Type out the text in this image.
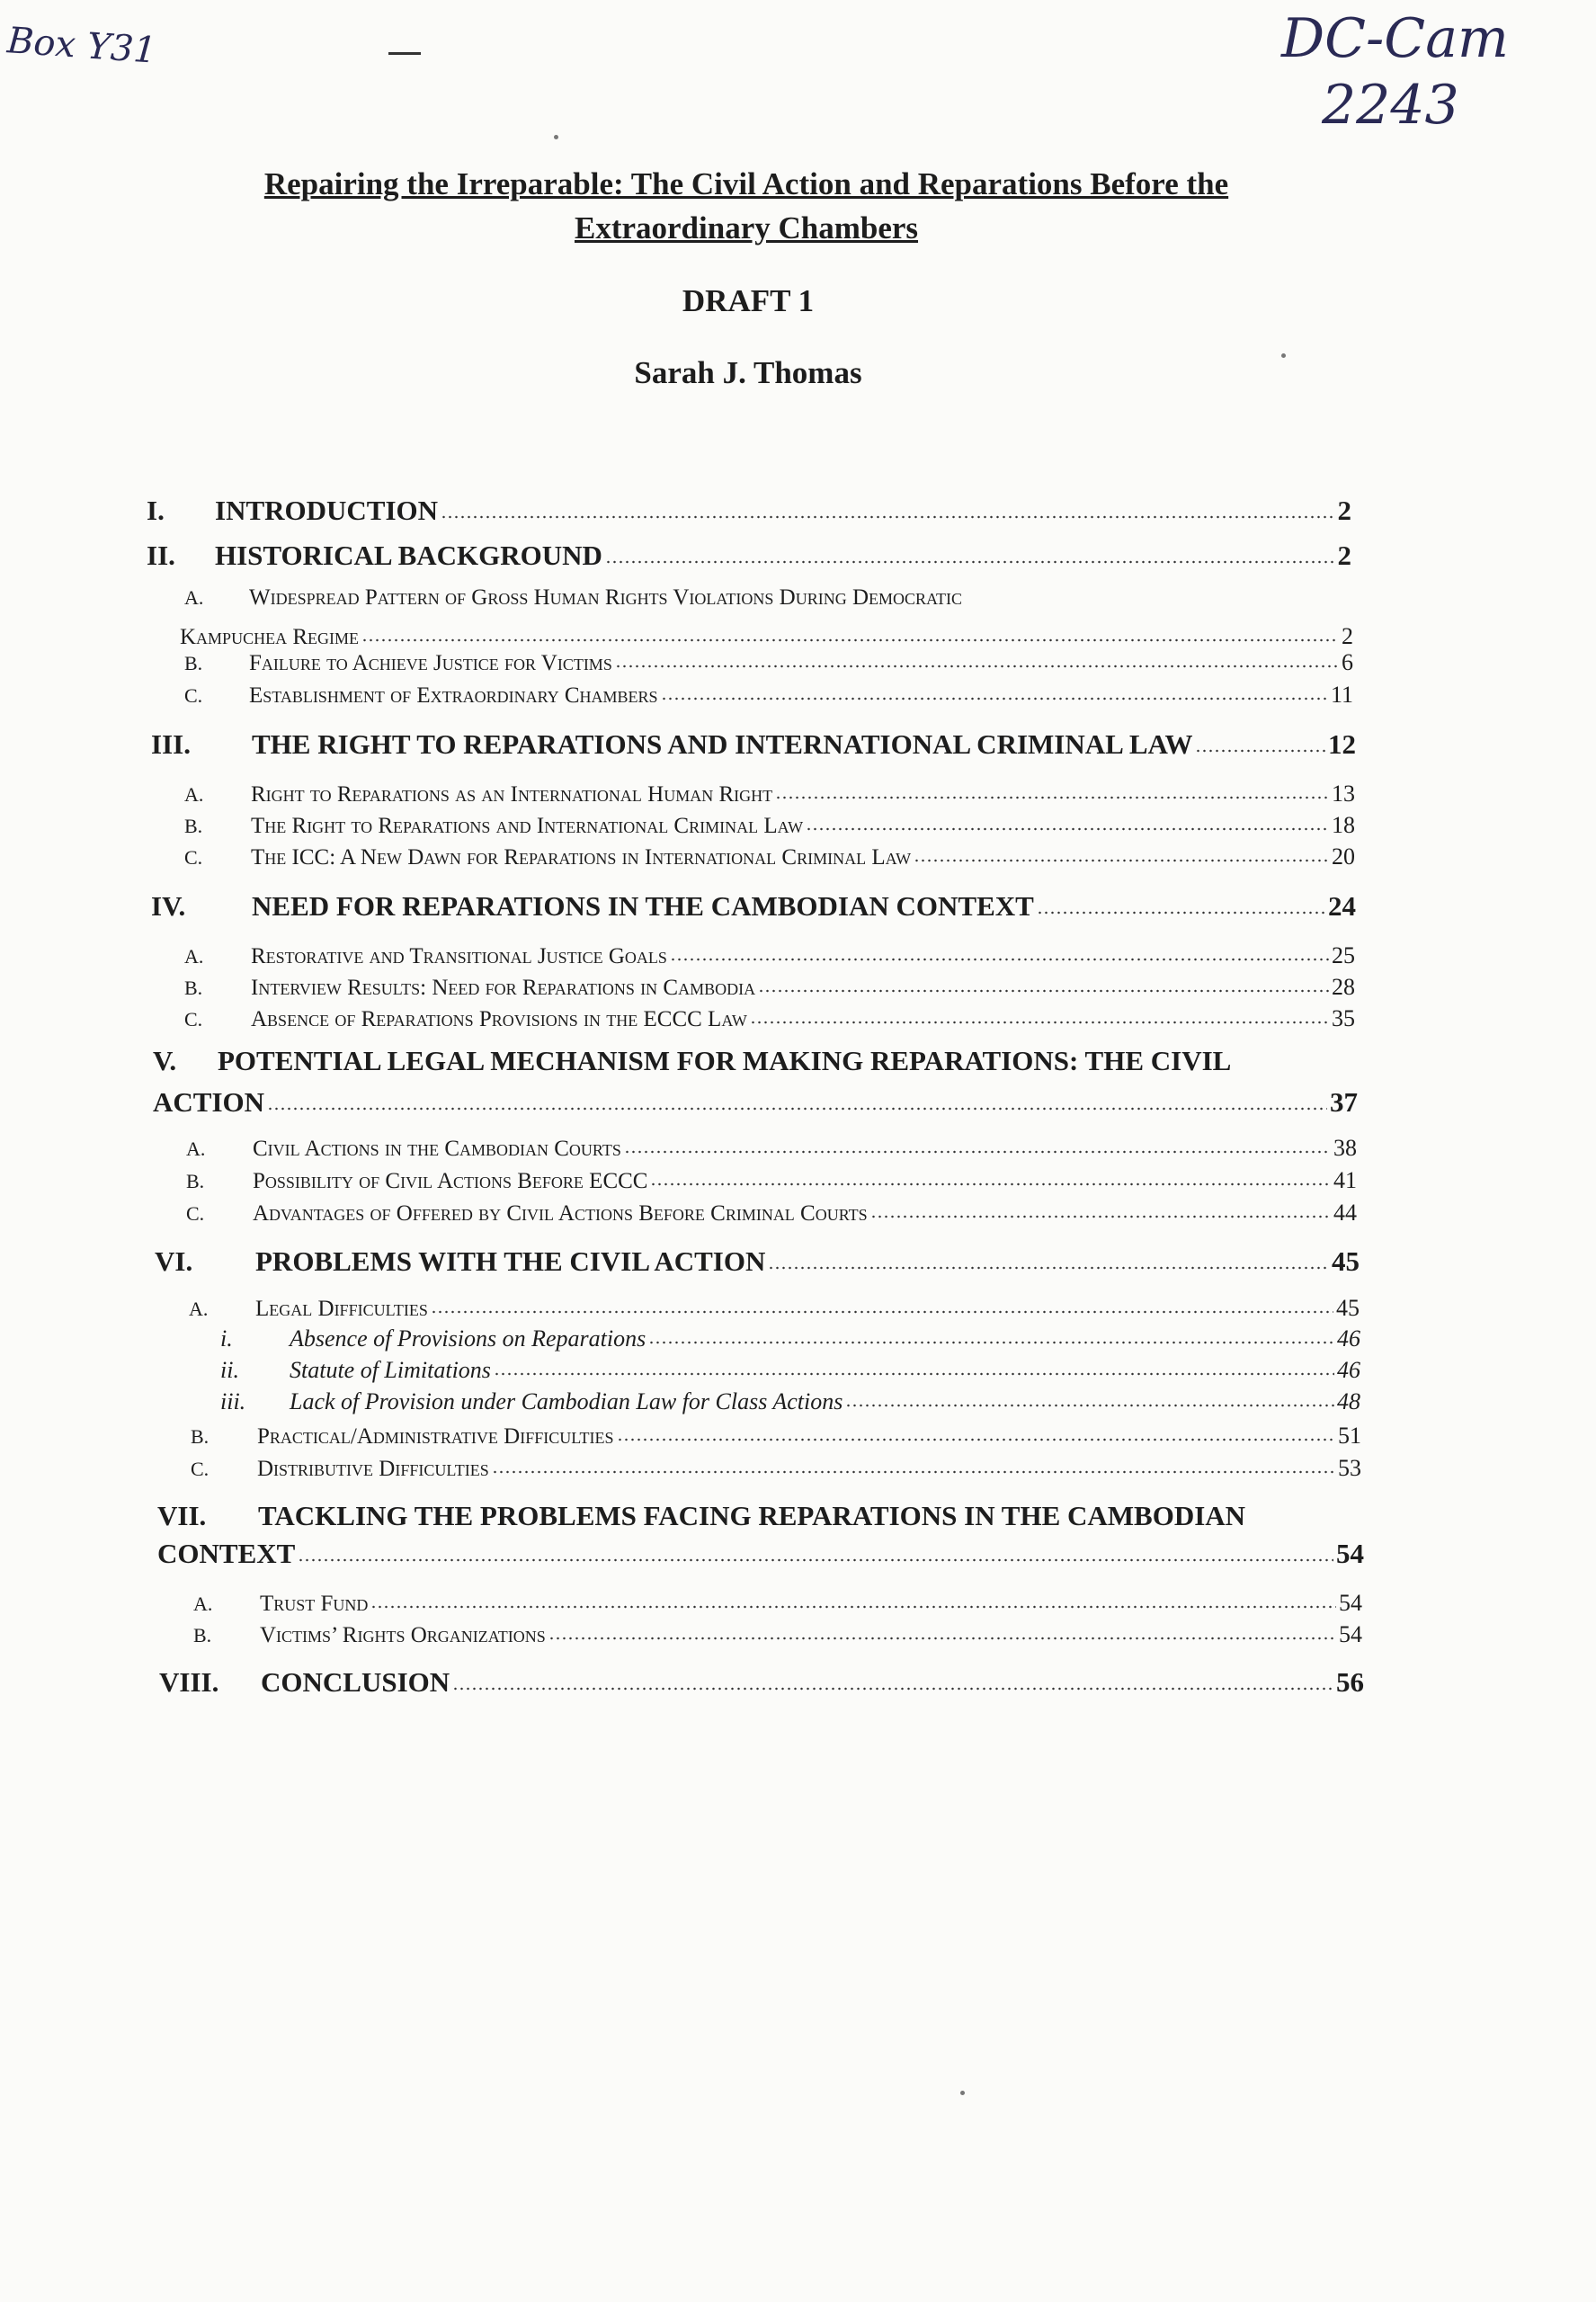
Box Y31	DC-Cam
2243
Repairing the Irreparable: The Civil Action and Reparations Before the
Extraordinary Chambers
DRAFT 1
Sarah J. Thomas
I. INTRODUCTION	2
II. HISTORICAL BACKGROUND	2
A. Widespread Pattern of Gross Human Rights Violations During Democratic
Kampuchea Regime	2
B. Failure to Achieve Justice for Victims	6
C. Establishment of Extraordinary Chambers	11
III. THE RIGHT TO REPARATIONS AND INTERNATIONAL CRIMINAL LAW	12
A. Right to Reparations as an International Human Right	13
B. The Right to Reparations and International Criminal Law	18
C. The ICC: A New Dawn for Reparations in International Criminal Law	20
IV. NEED FOR REPARATIONS IN THE CAMBODIAN CONTEXT	24
A. Restorative and Transitional Justice Goals	25
B. Interview Results: Need for Reparations in Cambodia	28
C. Absence of Reparations Provisions in the ECCC Law	35
V. POTENTIAL LEGAL MECHANISM FOR MAKING REPARATIONS: THE CIVIL
ACTION	37
A. Civil Actions in the Cambodian Courts	38
B. Possibility of Civil Actions Before ECCC	41
C. Advantages of Offered by Civil Actions Before Criminal Courts	44
VI. PROBLEMS WITH THE CIVIL ACTION	45
A. Legal Difficulties	45
i. Absence of Provisions on Reparations	46
ii. Statute of Limitations	46
iii. Lack of Provision under Cambodian Law for Class Actions	48
B. Practical/Administrative Difficulties	51
C. Distributive Difficulties	53
VII. TACKLING THE PROBLEMS FACING REPARATIONS IN THE CAMBODIAN
CONTEXT	54
A. Trust Fund	54
B. Victims’ Rights Organizations	54
VIII. CONCLUSION	56
